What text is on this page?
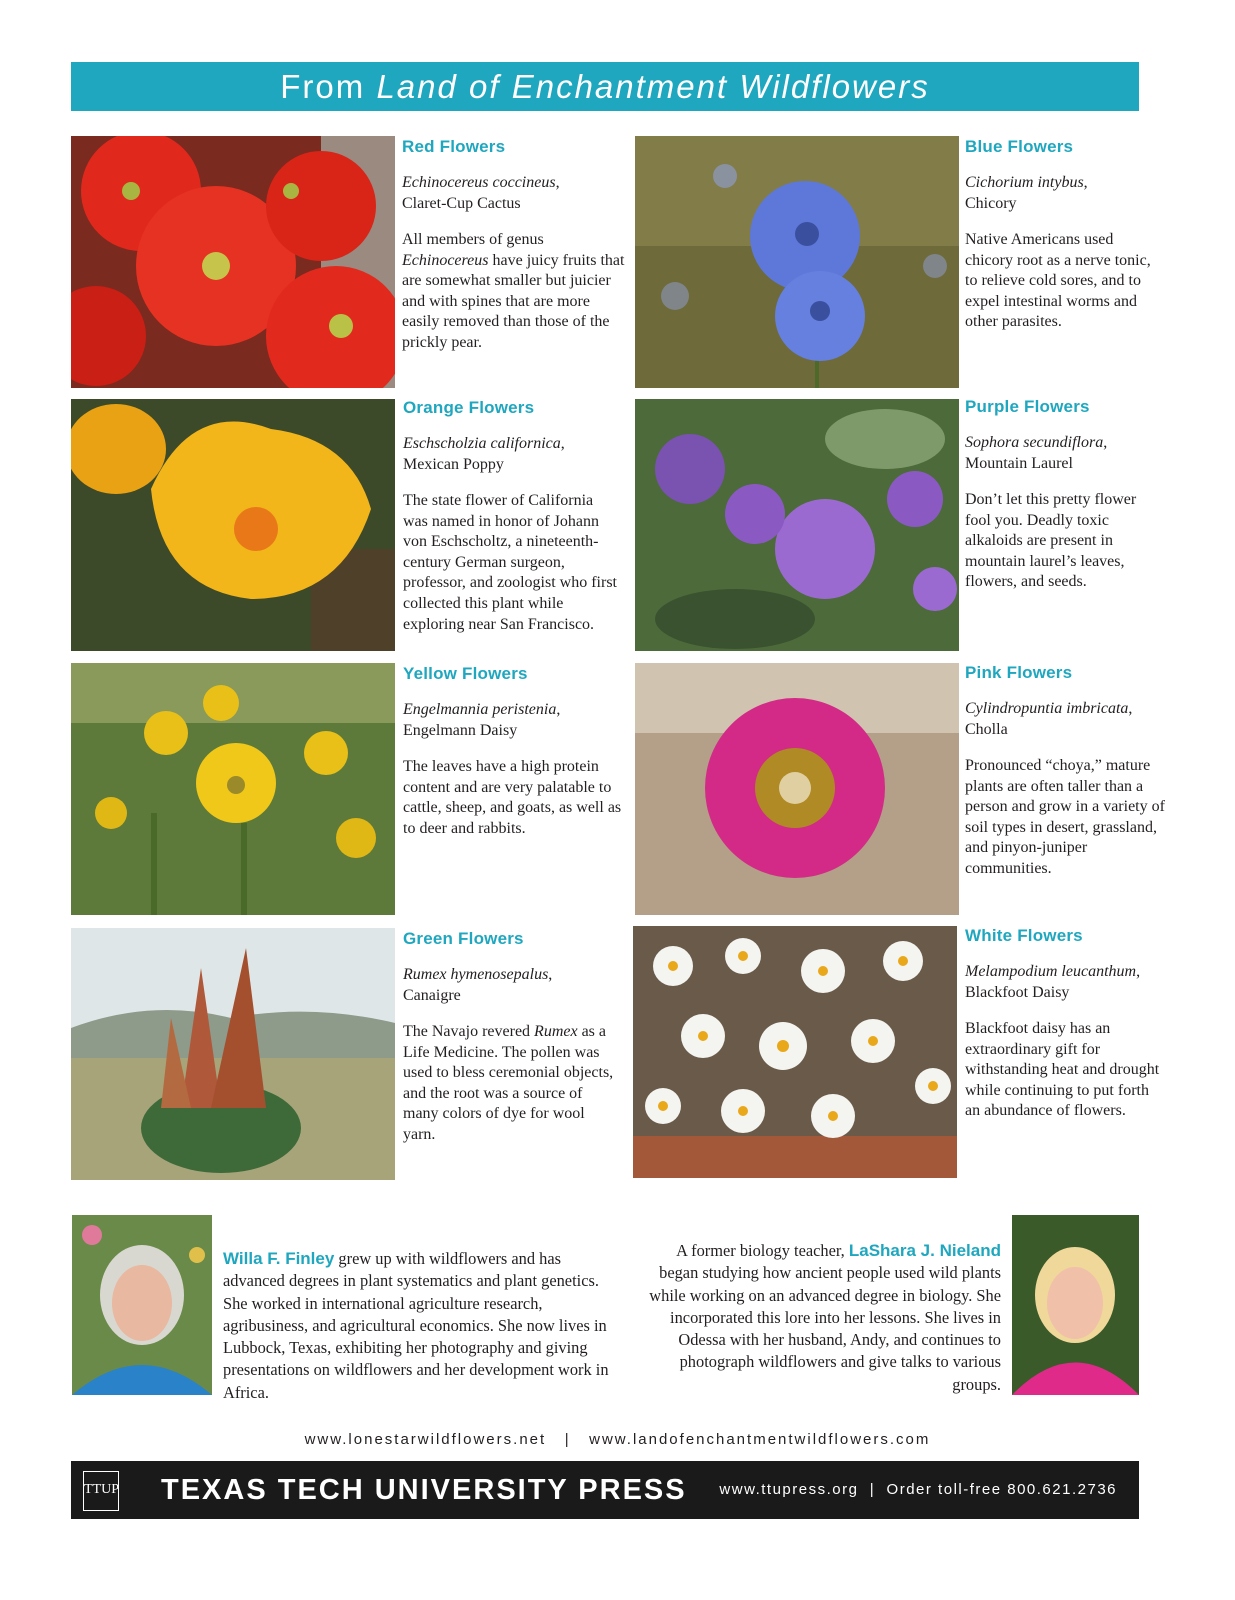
From Land of Enchantment Wildflowers
Red Flowers
Echinocereus coccineus,
Claret-Cup Cactus
All members of genus Echinocereus have juicy fruits that are somewhat smaller but juicier and with spines that are more easily removed than those of the prickly pear.
Blue Flowers
Cichorium intybus,
Chicory
Native Americans used chicory root as a nerve tonic, to relieve cold sores, and to expel intestinal worms and other parasites.
Orange Flowers
Eschscholzia californica,
Mexican Poppy
The state flower of California was named in honor of Johann von Eschscholtz, a nineteenth-century German surgeon, professor, and zoologist who first collected this plant while exploring near San Francisco.
Purple Flowers
Sophora secundiflora,
Mountain Laurel
Don’t let this pretty flower fool you. Deadly toxic alkaloids are present in mountain laurel’s leaves, flowers, and seeds.
Yellow Flowers
Engelmannia peristenia,
Engelmann Daisy
The leaves have a high protein content and are very palatable to cattle, sheep, and goats, as well as to deer and rabbits.
Pink Flowers
Cylindropuntia imbricata,
Cholla
Pronounced “choya,” mature plants are often taller than a person and grow in a variety of soil types in desert, grassland, and pinyon-juniper communities.
Green Flowers
Rumex hymenosepalus,
Canaigre
The Navajo revered Rumex as a Life Medicine. The pollen was used to bless ceremonial objects, and the root was a source of many colors of dye for wool yarn.
White Flowers
Melampodium leucanthum,
Blackfoot Daisy
Blackfoot daisy has an extraordinary gift for withstanding heat and drought while continuing to put forth an abundance of flowers.
Willa F. Finley grew up with wildflowers and has advanced degrees in plant systematics and plant genetics. She worked in international agriculture research, agribusiness, and agricultural economics. She now lives in Lubbock, Texas, exhibiting her photography and giving presentations on wildflowers and her development work in Africa.
A former biology teacher, LaShara J. Nieland began studying how ancient people used wild plants while working on an advanced degree in biology. She incorporated this lore into her lessons. She lives in Odessa with her husband, Andy, and continues to photograph wildflowers and give talks to various groups.
www.lonestarwildflowers.net | www.landofenchantmentwildflowers.com
TTUP TEXAS TECH UNIVERSITY PRESS www.ttupress.org | Order toll-free 800.621.2736
